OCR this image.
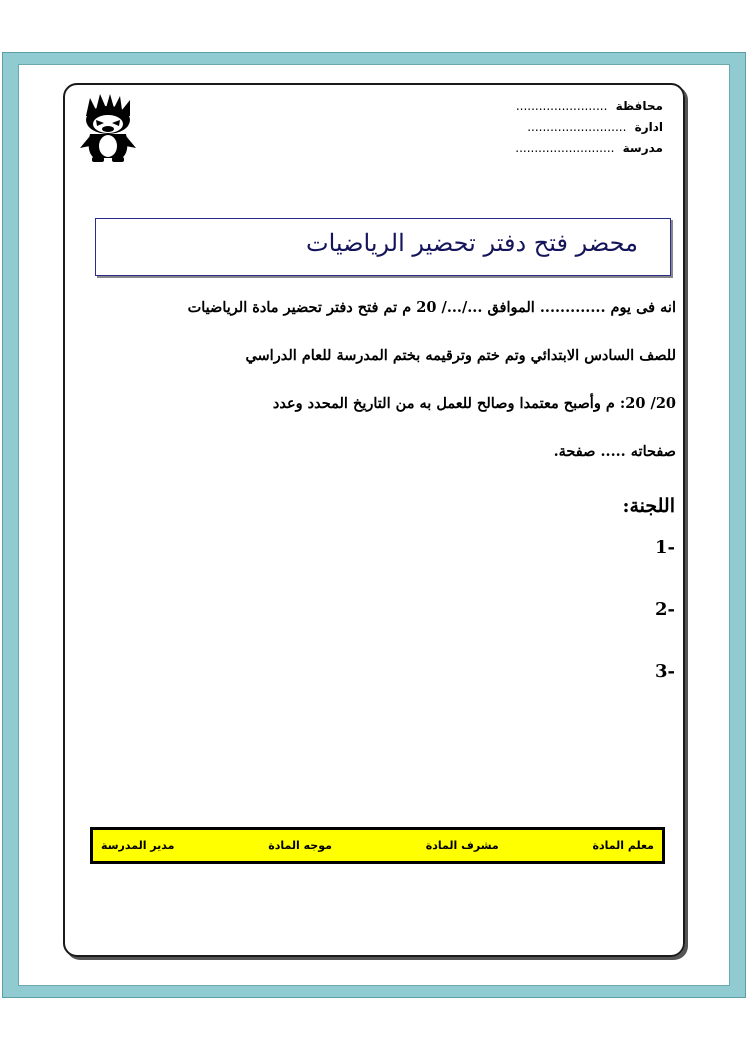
محافظة ........................
ادارة ..........................
مدرسة ..........................
محضر فتح دفتر تحضير الرياضيات
انه فى يوم ............. الموافق .../.../ 20 م تم فتح دفتر تحضير مادة الرياضيات
للصف السادس الابتدائي وتم ختم وترقيمه بختم المدرسة للعام الدراسي
20/ 20: م وأصبح معتمدا وصالح للعمل به من التاريخ المحدد وعدد
صفحاته ..... صفحة.
اللجنة:
-1
-2
-3
معلم المادة
مشرف المادة
موجه المادة
مدير المدرسة
